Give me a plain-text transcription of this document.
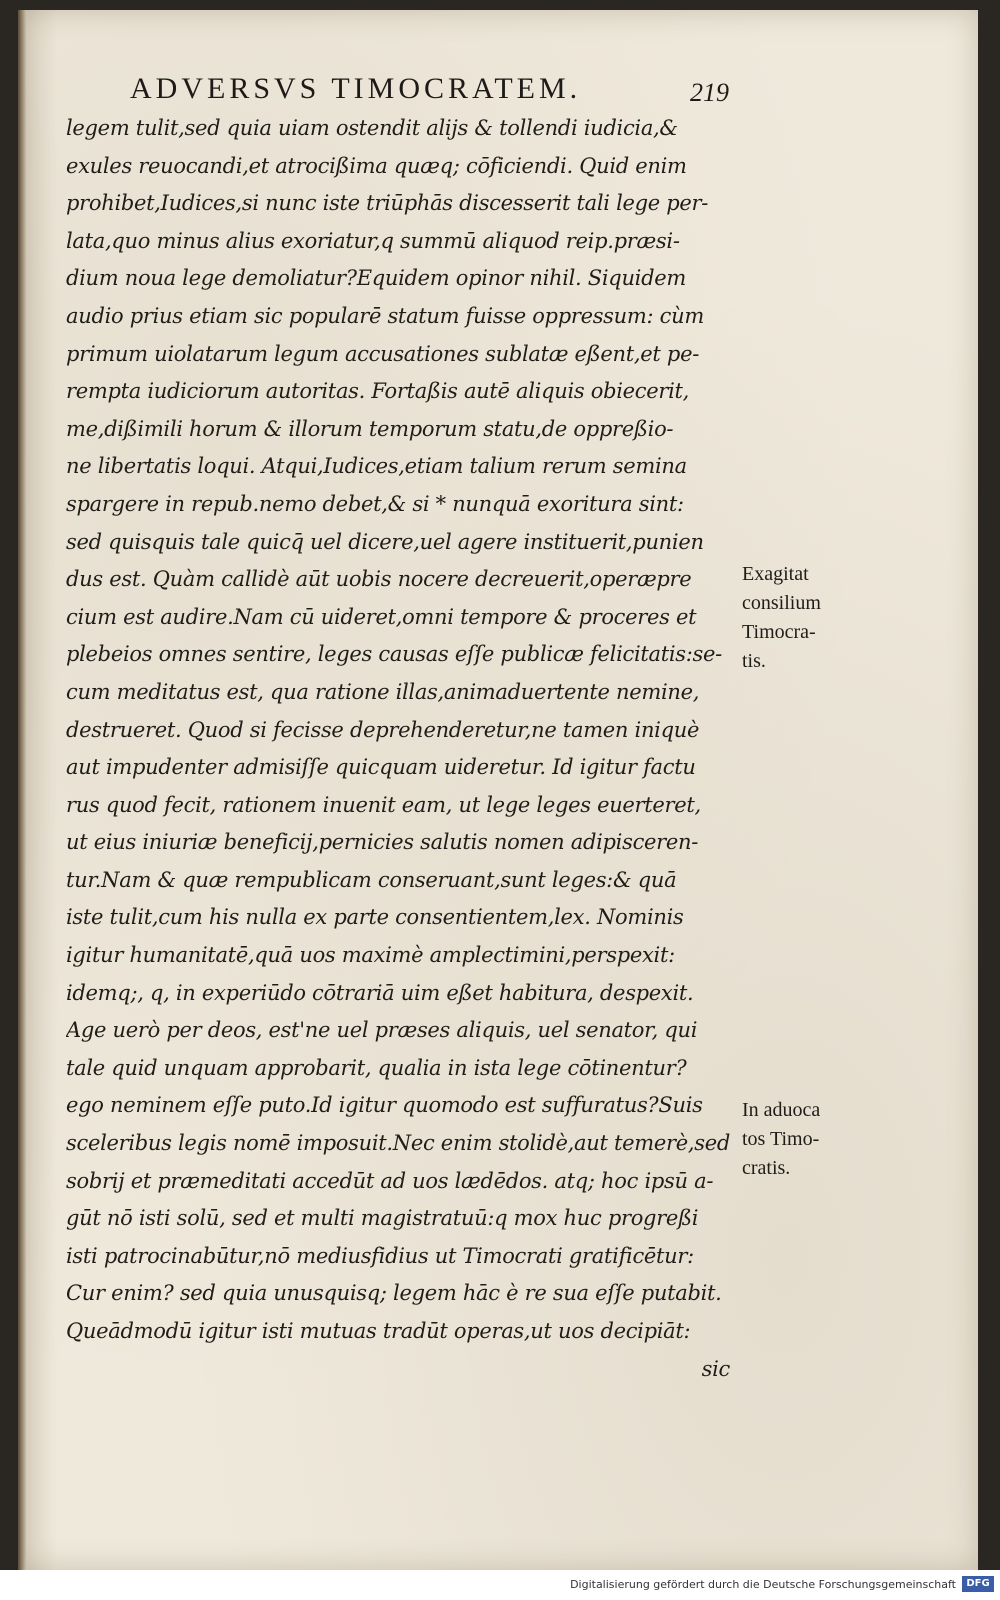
ADVERSVS TIMOCRATEM.	219
legem tulit,sed quia uiam ostendit alijs & tollendi iudicia,&
exules reuocandi,et atrocißima quæq; cōficiendi. Quid enim
prohibet,Iudices,si nunc iste triūphās discesserit tali lege per-
lata,quo minus alius exoriatur,q summū aliquod reip.præsi-
dium noua lege demoliatur?Equidem opinor nihil. Siquidem
audio prius etiam sic popularē statum fuisse oppressum: cùm
primum uiolatarum legum accusationes sublatæ eßent,et pe-
rempta iudiciorum autoritas. Fortaßis autē aliquis obiecerit,
me,dißimili horum & illorum temporum statu,de oppreßio-
ne libertatis loqui. Atqui,Iudices,etiam talium rerum semina
spargere in repub.nemo debet,& si * nunquā exoritura sint:
sed quisquis tale quicq̄ uel dicere,uel agere instituerit,punien
dus est. Quàm callidè aūt uobis nocere decreuerit,operæpre
cium est audire.Nam cū uideret,omni tempore & proceres et
plebeios omnes sentire, leges causas eſſe publicæ felicitatis:se-
cum meditatus est, qua ratione illas,animaduertente nemine,
destrueret. Quod si fecisse deprehenderetur,ne tamen iniquè
aut impudenter admisiſſe quicquam uideretur. Id igitur factu
rus quod fecit, rationem inuenit eam, ut lege leges euerteret,
ut eius iniuriæ beneficij,pernicies salutis nomen adipisceren-
tur.Nam & quæ rempublicam conseruant,sunt leges:& quā
iste tulit,cum his nulla ex parte consentientem,lex. Nominis
igitur humanitatē,quā uos maximè amplectimini,perspexit:
idemq;, q, in experiūdo cōtrariā uim eßet habitura, despexit.
Age uerò per deos, est'ne uel præses aliquis, uel senator, qui
tale quid unquam approbarit, qualia in ista lege cōtinentur?
ego neminem eſſe puto.Id igitur quomodo est suffuratus?Suis
sceleribus legis nomē imposuit.Nec enim stolidè,aut temerè,sed
sobrij et præmeditati accedūt ad uos lædēdos. atq; hoc ipsū a-
gūt nō isti solū, sed et multi magistratuū:q mox huc progreßi
isti patrocinabūtur,nō mediusfidius ut Timocrati gratificētur:
Cur enim? sed quia unusquisq; legem hāc è re sua eſſe putabit.
Queādmodū igitur isti mutuas tradūt operas,ut uos decipiāt:
sic
Exagitat
consilium
Timocra-
tis.
In aduoca
tos Timo-
cratis.
Digitalisierung gefördert durch die Deutsche Forschungsgemeinschaft	DFG
